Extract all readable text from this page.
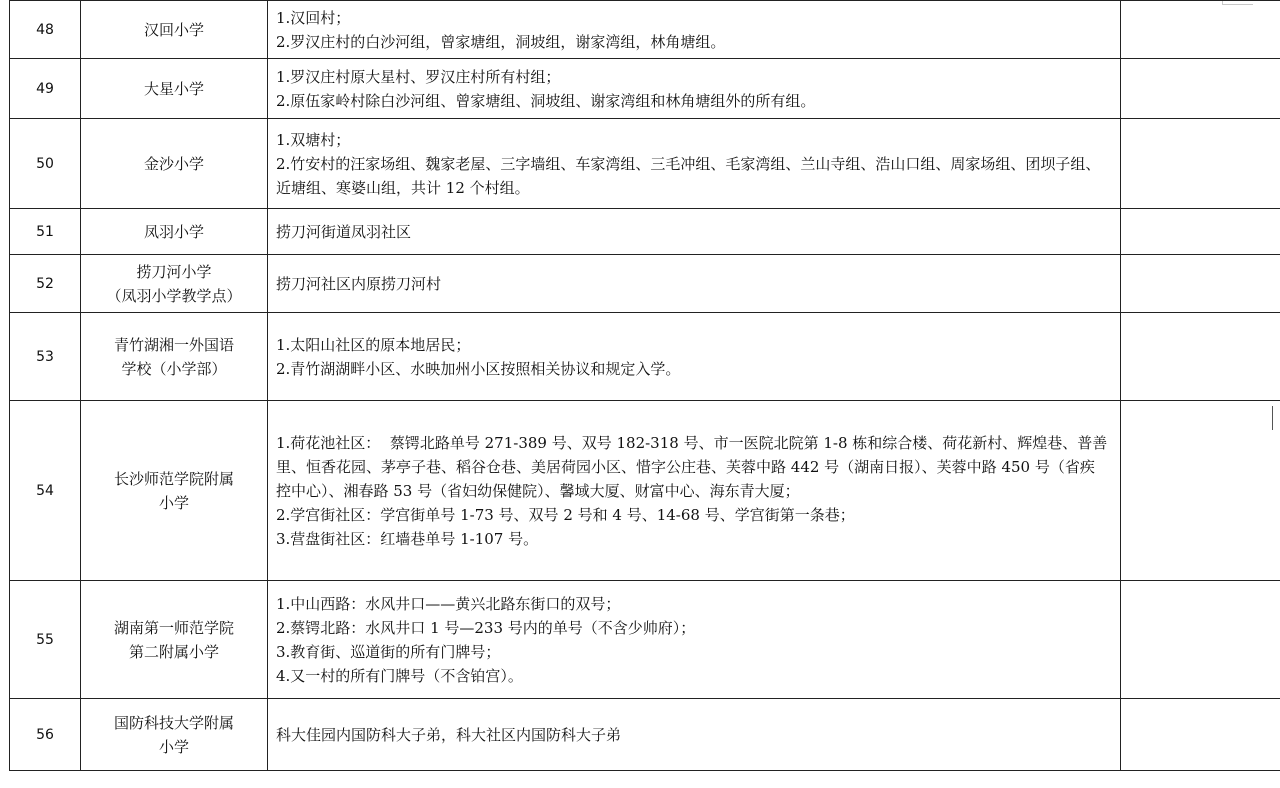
48	汉回小学	1.汉回村；
2.罗汉庄村的白沙河组，曾家塘组，洞坡组，谢家湾组，林角塘组。	

49	大星小学	1.罗汉庄村原大星村、罗汉庄村所有村组；
2.原伍家岭村除白沙河组、曾家塘组、洞坡组、谢家湾组和林角塘组外的所有组。	

50	金沙小学	1.双塘村；
2.竹安村的汪家场组、魏家老屋、三字墙组、车家湾组、三毛冲组、毛家湾组、兰山寺组、浩山口组、周家场组、团坝子组、近塘组、寒婆山组，共计 12 个村组。	

51	凤羽小学	捞刀河街道凤羽社区	

52	捞刀河小学
（凤羽小学教学点）	捞刀河社区内原捞刀河村	

53	青竹湖湘一外国语
学校（小学部）	1.太阳山社区的原本地居民；
2.青竹湖湖畔小区、水映加州小区按照相关协议和规定入学。	

54	长沙师范学院附属
小学	1.荷花池社区：  蔡锷北路单号 271-389 号、双号 182-318 号、市一医院北院第 1-8 栋和综合楼、荷花新村、辉煌巷、普善里、恒香花园、茅亭子巷、稻谷仓巷、美居荷园小区、惜字公庄巷、芙蓉中路 442 号（湖南日报）、芙蓉中路 450 号（省疾控中心）、湘春路 53 号（省妇幼保健院）、馨域大厦、财富中心、海东青大厦；
2.学宫街社区：学宫街单号 1-73 号、双号 2 号和 4 号、14-68 号、学宫街第一条巷；
3.营盘街社区：红墙巷单号 1-107 号。	

55	湖南第一师范学院
第二附属小学	1.中山西路：水风井口——黄兴北路东街口的双号；
2.蔡锷北路：水风井口 1 号—233 号内的单号（不含少帅府）；
3.教育街、巡道街的所有门牌号；
4.又一村的所有门牌号（不含铂宫）。	

56	国防科技大学附属
小学	科大佳园内国防科大子弟，科大社区内国防科大子弟	
